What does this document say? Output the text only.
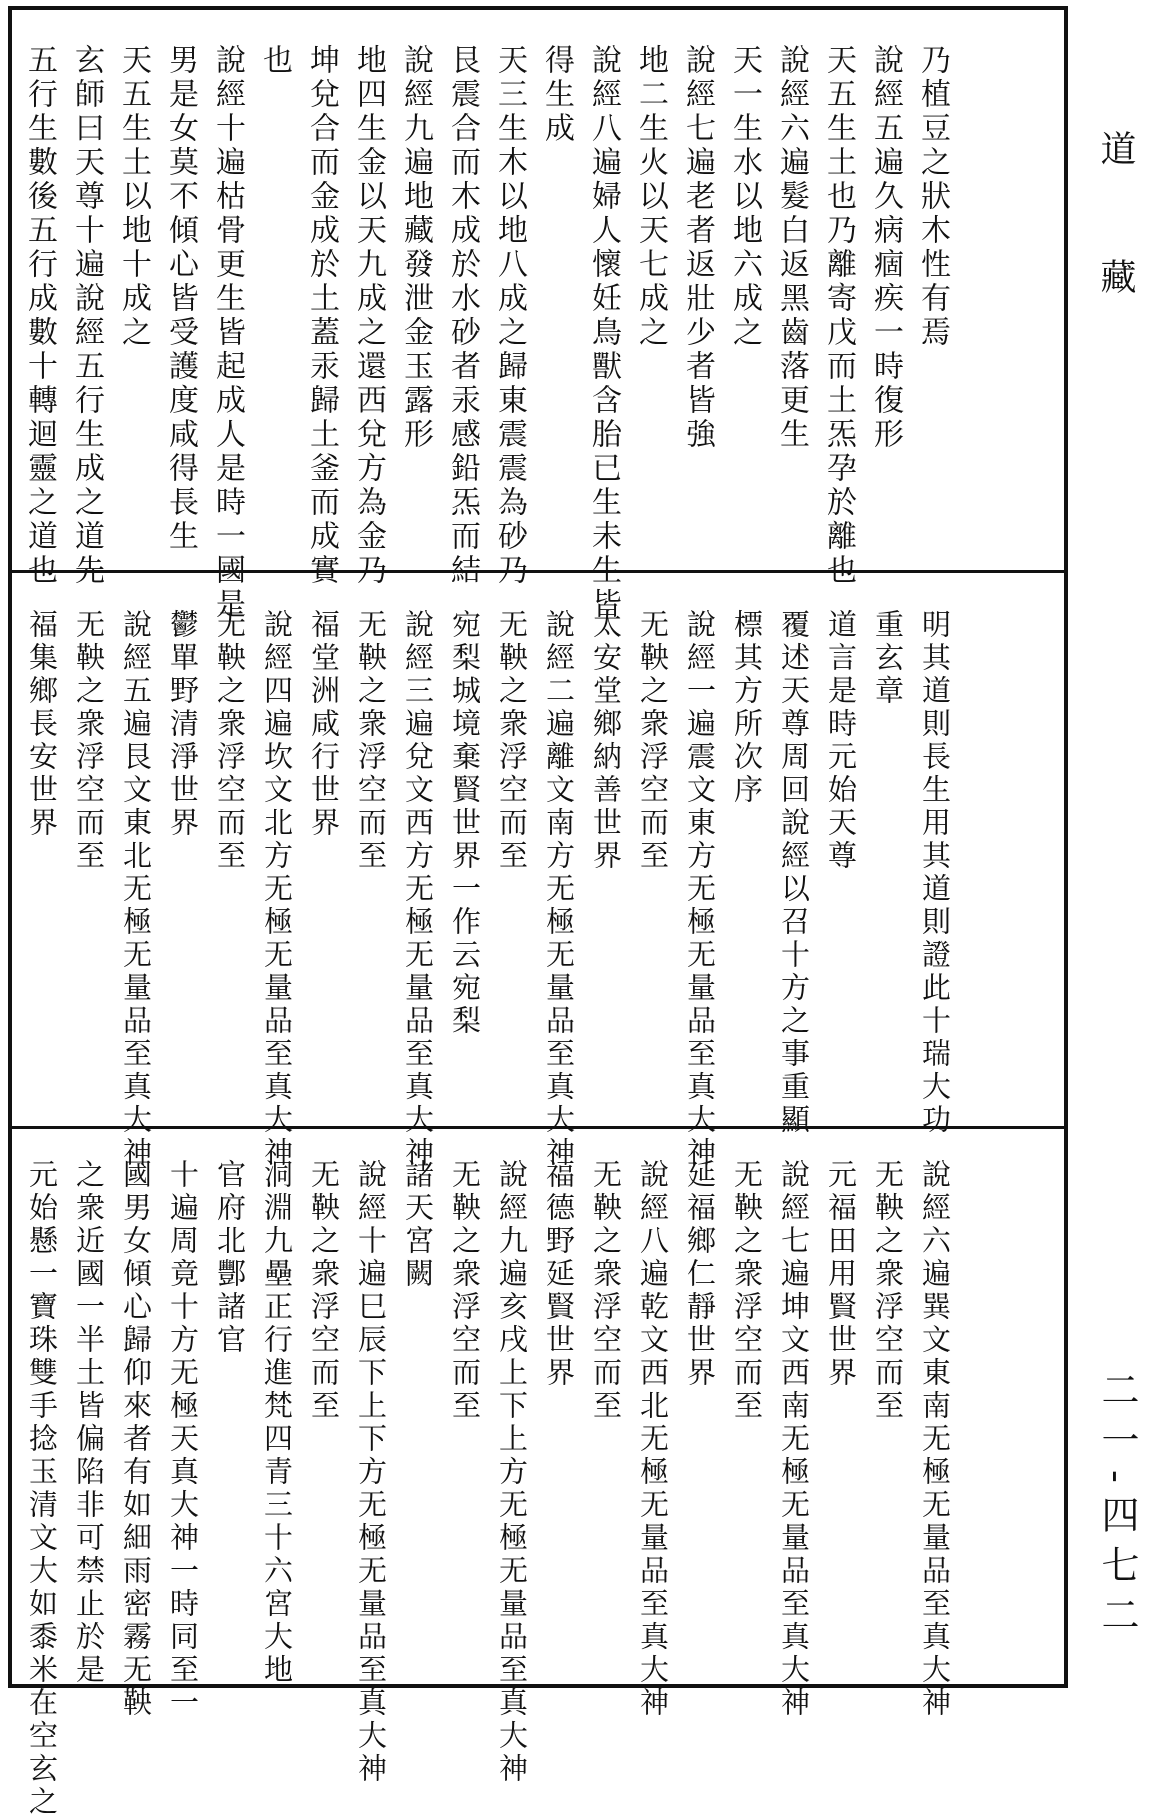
道
藏
二一-四七二
乃植豆之狀木性有焉
說經五遍久病痼疾一時復形
天五生土也乃離寄戊而土炁孕於離也
說經六遍髮白返黑齒落更生
天一生水以地六成之
說經七遍老者返壯少者皆強
地二生火以天七成之
說經八遍婦人懷妊鳥獸含胎已生未生皆
得生成
天三生木以地八成之歸東震震為砂乃
艮震合而木成於水砂者汞感鉛炁而結
說經九遍地藏發泄金玉露形
地四生金以天九成之還西兌方為金乃
坤兌合而金成於土蓋汞歸土釜而成實
也
說經十遍枯骨更生皆起成人是時一國是
男是女莫不傾心皆受護度咸得長生
天五生土以地十成之
玄師曰天尊十遍說經五行生成之道先
五行生數後五行成數十轉迴靈之道也
明其道則長生用其道則證此十瑞大功
重玄章
道言是時元始天尊
覆述天尊周回說經以召十方之事重顯
標其方所次序
說經一遍震文東方无極无量品至真大神
无鞅之衆浮空而至
太安堂鄉納善世界
說經二遍離文南方无極无量品至真大神
无鞅之衆浮空而至
宛梨城境棄賢世界一作云宛梨
說經三遍兌文西方无極无量品至真大神
无鞅之衆浮空而至
福堂洲咸行世界
說經四遍坎文北方无極无量品至真大神
无鞅之衆浮空而至
鬱單野清淨世界
說經五遍艮文東北无極无量品至真大神
无鞅之衆浮空而至
福集鄉長安世界
說經六遍巽文東南无極无量品至真大神
无鞅之衆浮空而至
元福田用賢世界
說經七遍坤文西南无極无量品至真大神
无鞅之衆浮空而至
延福鄉仁靜世界
說經八遍乾文西北无極无量品至真大神
无鞅之衆浮空而至
福德野延賢世界
說經九遍亥戌上下上方无極无量品至真大神
无鞅之衆浮空而至
諸天宮闕
說經十遍巳辰下上下方无極无量品至真大神
无鞅之衆浮空而至
洞淵九壘正行進梵四青三十六宮大地
官府北酆諸官
十遍周竟十方无極天真大神一時同至一
國男女傾心歸仰來者有如細雨密霧无鞅
之衆近國一半土皆偏陷非可禁止於是
元始懸一寶珠雙手捻玉清文大如黍米在空玄之
